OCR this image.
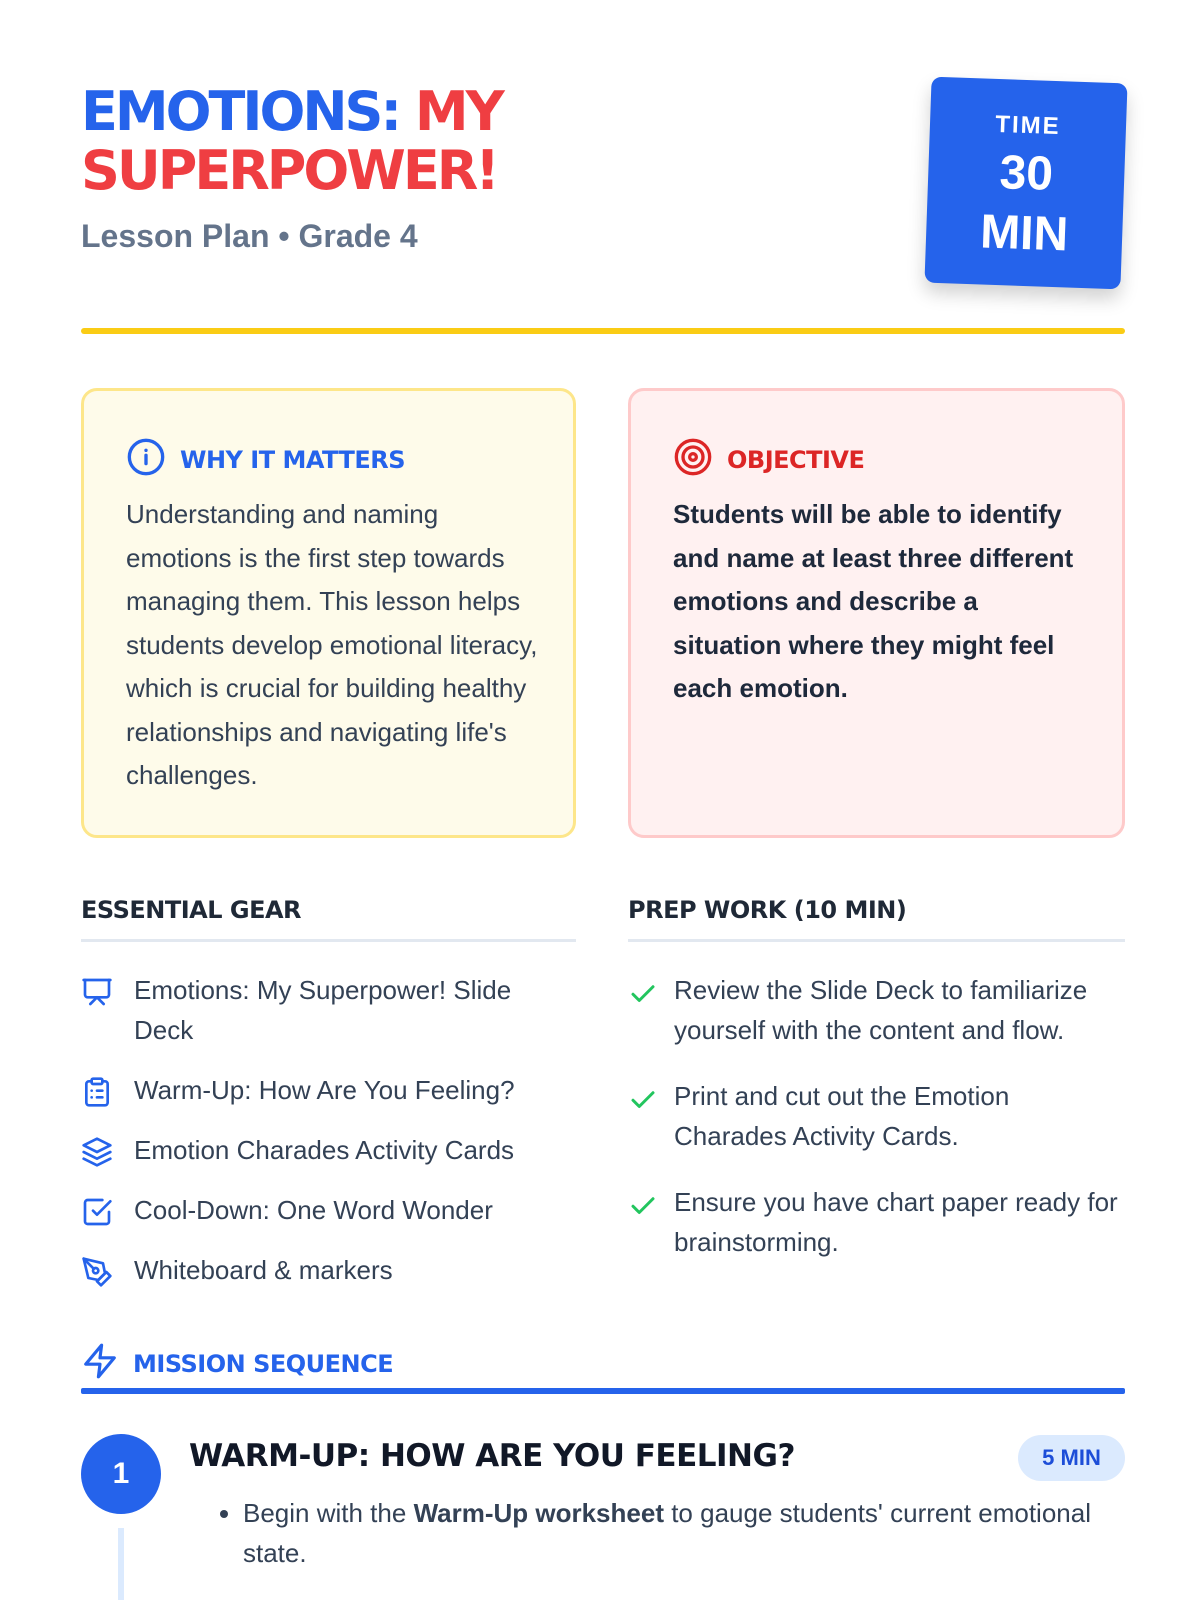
EMOTIONS: MY
SUPERPOWER!
Lesson Plan • Grade 4
TIME
30
MIN
WHY IT MATTERS

Understanding and naming emotions is the first step towards managing them. This lesson helps students develop emotional literacy, which is crucial for building healthy relationships and navigating life's challenges.

OBJECTIVE

Students will be able to identify and name at least three different emotions and describe a situation where they might feel each emotion.

ESSENTIAL GEAR
Emotions: My Superpower! Slide Deck
Warm-Up: How Are You Feeling?
Emotion Charades Activity Cards
Cool-Down: One Word Wonder
Whiteboard & markers
PREP WORK (10 MIN)
Review the Slide Deck to familiarize yourself with the content and flow.
Print and cut out the Emotion Charades Activity Cards.
Ensure you have chart paper ready for brainstorming.
MISSION SEQUENCE
1	WARM-UP: HOW ARE YOU FEELING?	5 MIN
• Begin with the Warm-Up worksheet to gauge students' current emotional state.
